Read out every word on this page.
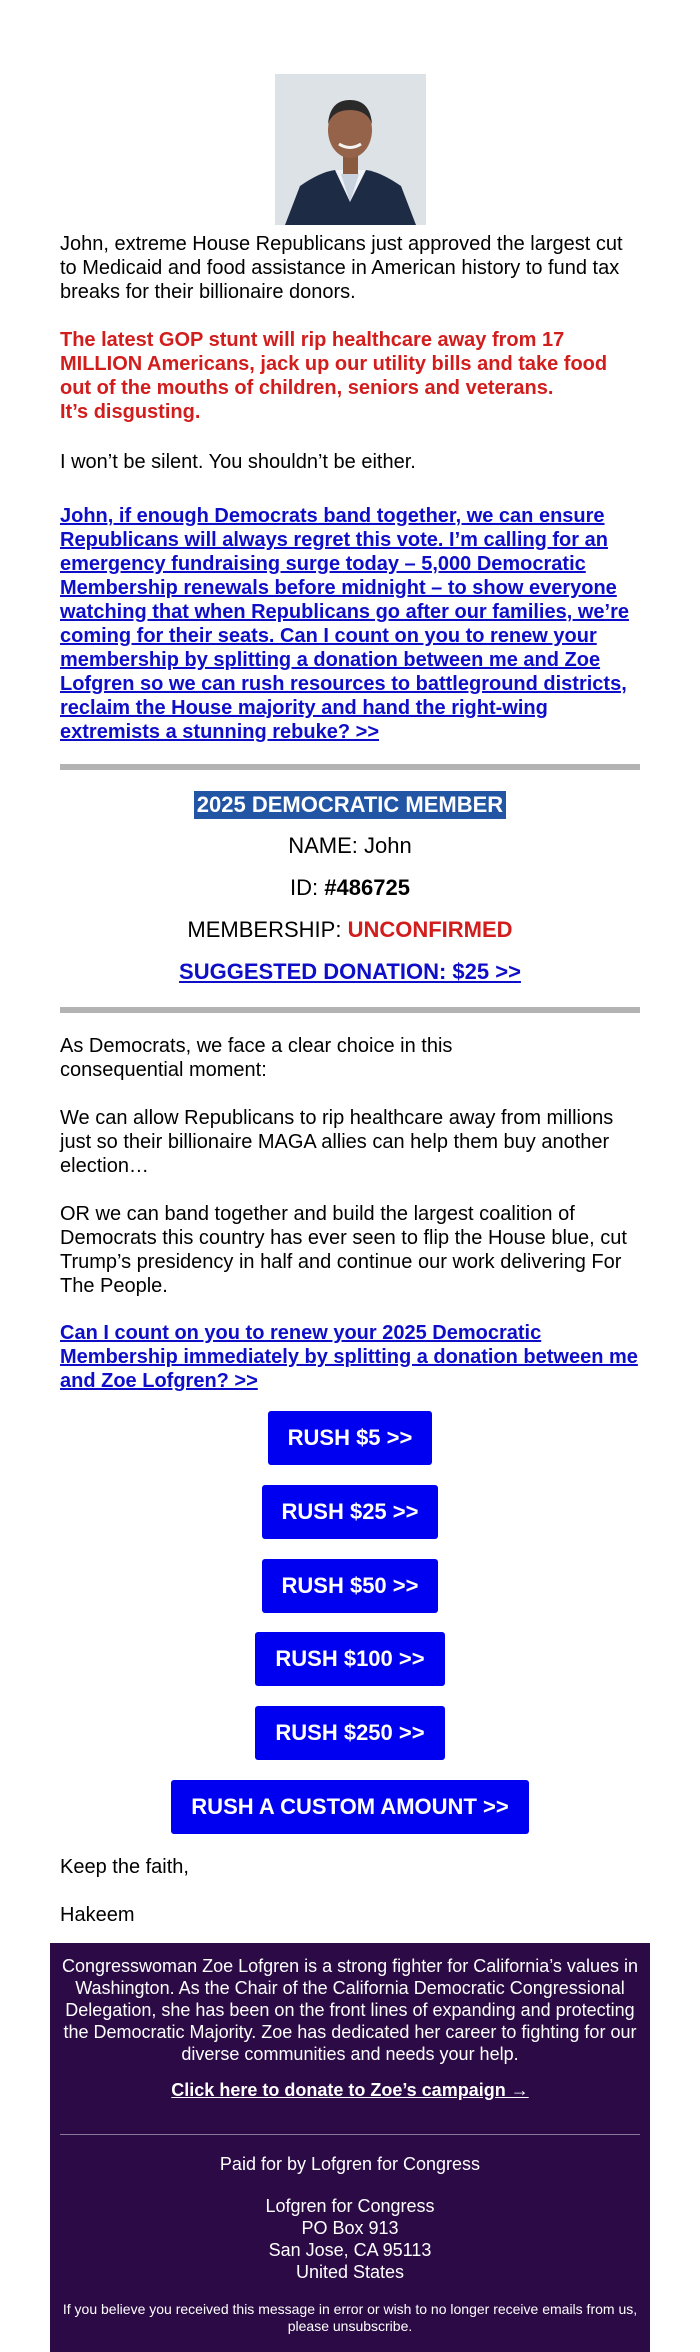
John, extreme House Republicans just approved the largest cut to Medicaid and food assistance in American history to fund tax breaks for their billionaire donors.
The latest GOP stunt will rip healthcare away from 17 MILLION Americans, jack up our utility bills and take food out of the mouths of children, seniors and veterans.
It’s disgusting.
I won’t be silent. You shouldn’t be either.
John, if enough Democrats band together, we can ensure Republicans will always regret this vote. I’m calling for an emergency fundraising surge today – 5,000 Democratic Membership renewals before midnight – to show everyone watching that when Republicans go after our families, we’re coming for their seats. Can I count on you to renew your membership by splitting a donation between me and Zoe Lofgren so we can rush resources to battleground districts, reclaim the House majority and hand the right-wing extremists a stunning rebuke? >>
2025 DEMOCRATIC MEMBER
NAME: John
ID: #486725
MEMBERSHIP: UNCONFIRMED
SUGGESTED DONATION: $25 >>
As Democrats, we face a clear choice in this consequential moment:
We can allow Republicans to rip healthcare away from millions just so their billionaire MAGA allies can help them buy another election…
OR we can band together and build the largest coalition of Democrats this country has ever seen to flip the House blue, cut Trump’s presidency in half and continue our work delivering For The People.
Can I count on you to renew your 2025 Democratic Membership immediately by splitting a donation between me and Zoe Lofgren? >>
RUSH $5 >>
RUSH $25 >>
RUSH $50 >>
RUSH $100 >>
RUSH $250 >>
RUSH A CUSTOM AMOUNT >>
Keep the faith,
Hakeem
Congresswoman Zoe Lofgren is a strong fighter for California’s values in Washington. As the Chair of the California Democratic Congressional Delegation, she has been on the front lines of expanding and protecting the Democratic Majority. Zoe has dedicated her career to fighting for our diverse communities and needs your help.
Click here to donate to Zoe’s campaign →
Paid for by Lofgren for Congress
Lofgren for Congress
PO Box 913
San Jose, CA 95113
United States
If you believe you received this message in error or wish to no longer receive emails from us, please unsubscribe.
